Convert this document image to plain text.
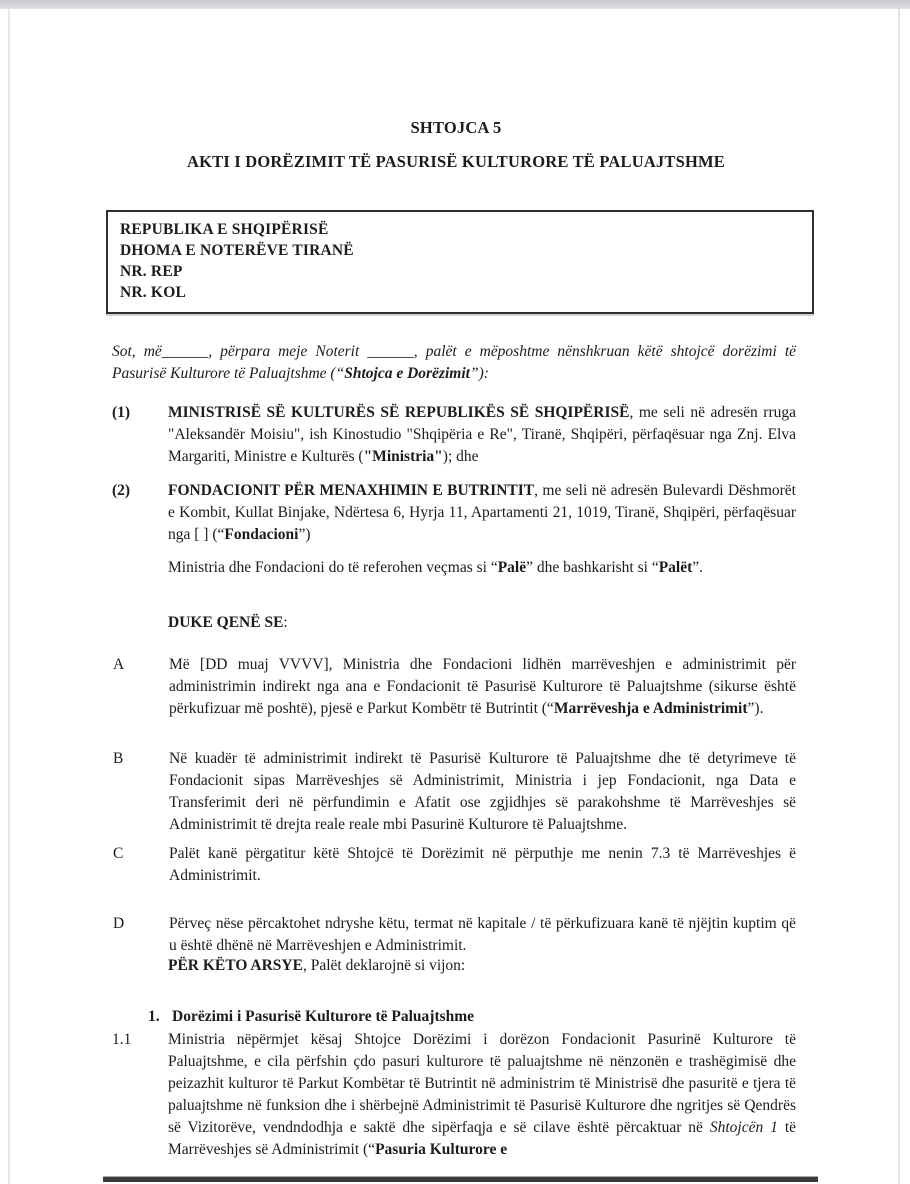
SHTOJCA 5
AKTI I DORËZIMIT TË PASURISË KULTURORE TË PALUAJTSHME
REPUBLIKA E SHQIPËRISË
DHOMA E NOTERËVE TIRANË
NR. REP
NR. KOL

Sot, më______, përpara meje Noterit ______, palët e mëposhtme nënshkruan këtë shtojcë dorëzimi të Pasurisë Kulturore të Paluajtshme (“Shtojca e Dorëzimit”):

(1)	MINISTRISË SË KULTURËS SË REPUBLIKËS SË SHQIPËRISË, me seli në adresën rruga "Aleksandër Moisiu", ish Kinostudio "Shqipëria e Re", Tiranë, Shqipëri, përfaqësuar nga Znj. Elva Margariti, Ministre e Kulturës ("Ministria"); dhe
(2)	FONDACIONIT PËR MENAXHIMIN E BUTRINTIT, me seli në adresën Bulevardi Dëshmorët e Kombit, Kullat Binjake, Ndërtesa 6, Hyrja 11, Apartamenti 21, 1019, Tiranë, Shqipëri, përfaqësuar nga [ ] (“Fondacioni”)

Ministria dhe Fondacioni do të referohen veçmas si “Palë” dhe bashkarisht si “Palët”.

DUKE QENË SE:
A	Më [DD muaj VVVV], Ministria dhe Fondacioni lidhën marrëveshjen e administrimit për administrimin indirekt nga ana e Fondacionit të Pasurisë Kulturore të Paluajtshme (sikurse është përkufizuar më poshtë), pjesë e Parkut Kombëtr të Butrintit (“Marrëveshja e Administrimit”).
B	Në kuadër të administrimit indirekt të Pasurisë Kulturore të Paluajtshme dhe të detyrimeve të Fondacionit sipas Marrëveshjes së Administrimit, Ministria i jep Fondacionit, nga Data e Transferimit deri në përfundimin e Afatit ose zgjidhjes së parakohshme të Marrëveshjes së Administrimit të drejta reale reale mbi Pasurinë Kulturore të Paluajtshme.
C	Palët kanë përgatitur këtë Shtojcë të Dorëzimit në përputhje me nenin 7.3 të Marrëveshjes ë Administrimit.
D	Përveç nëse përcaktohet ndryshe këtu, termat në kapitale / të përkufizuara kanë të njëjtin kuptim që u është dhënë në Marrëveshjen e Administrimit.
PËR KËTO ARSYE, Palët deklarojnë si vijon:
1. Dorëzimi i Pasurisë Kulturore të Paluajtshme
1.1	Ministria nëpërmjet kësaj Shtojce Dorëzimi i dorëzon Fondacionit Pasurinë Kulturore të Paluajtshme, e cila përfshin çdo pasuri kulturore të paluajtshme në nënzonën e trashëgimisë dhe peizazhit kulturor të Parkut Kombëtar të Butrintit në administrim të Ministrisë dhe pasuritë e tjera të paluajtshme në funksion dhe i shërbejnë Administrimit të Pasurisë Kulturore dhe ngritjes së Qendrës së Vizitorëve, vendndodhja e saktë dhe sipërfaqja e së cilave është përcaktuar në Shtojcën 1 të Marrëveshjes së Administrimit (“Pasuria Kulturore e
